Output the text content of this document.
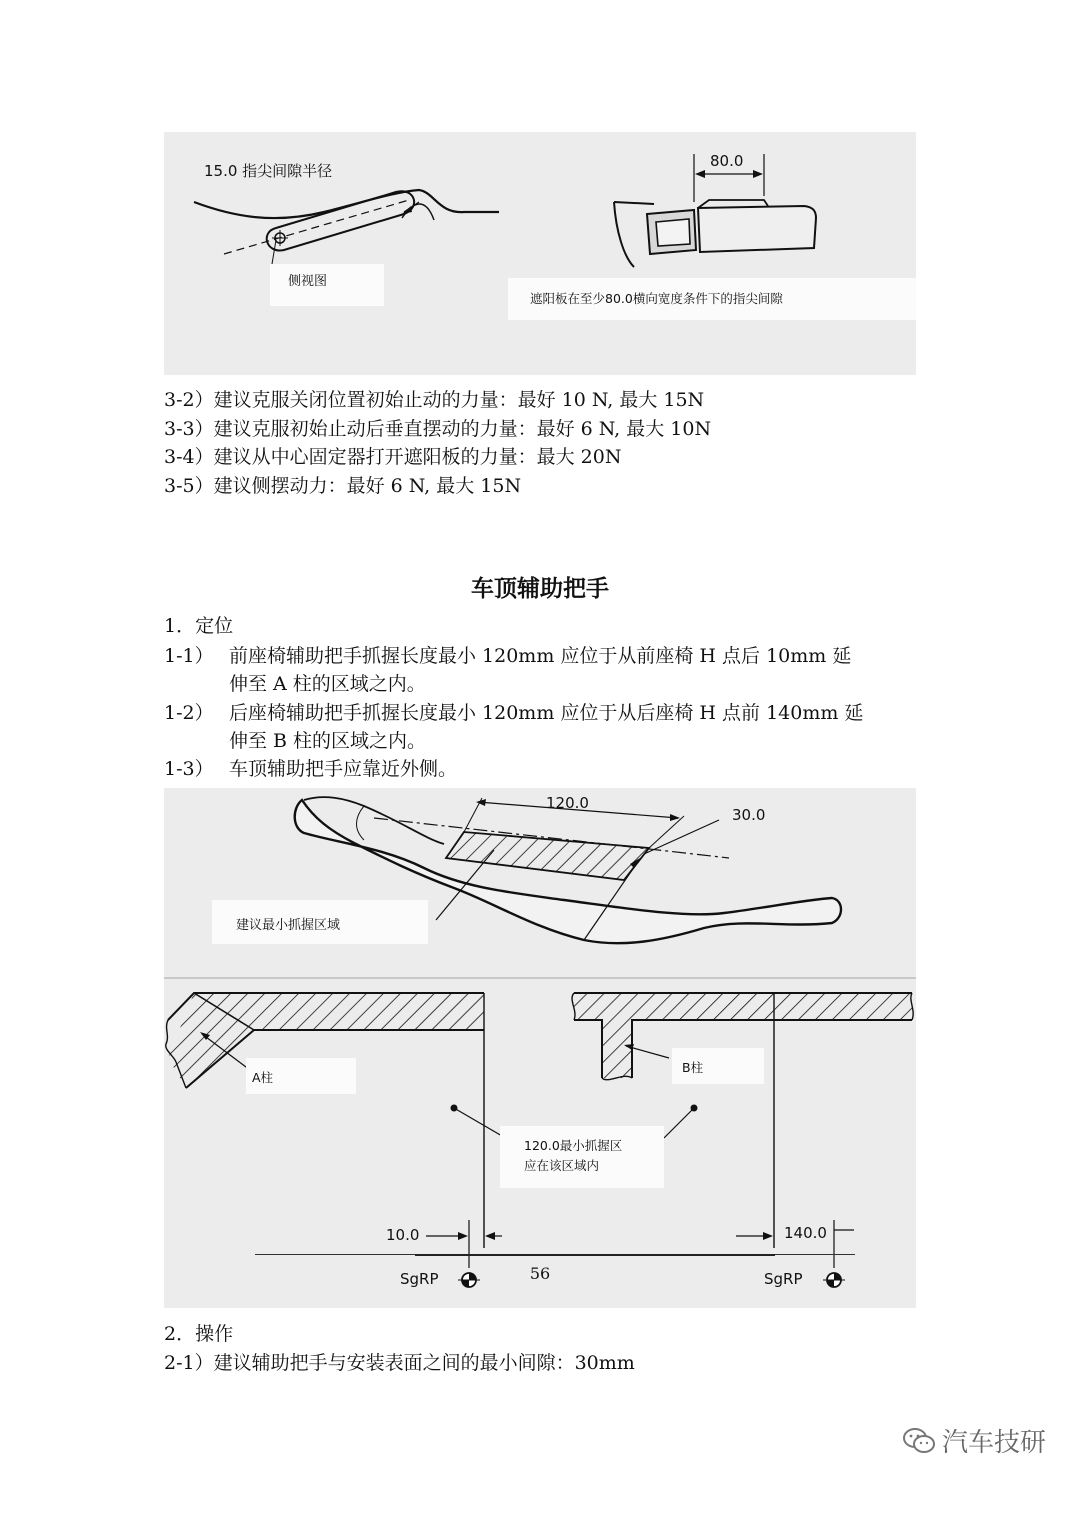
15.0 指尖间隙半径
侧视图
80.0
遮阳板在至少80.0横向宽度条件下的指尖间隙
3-2）建议克服关闭位置初始止动的力量：最好 10 N, 最大 15N
3-3）建议克服初始止动后垂直摆动的力量：最好 6 N, 最大 10N
3-4）建议从中心固定器打开遮阳板的力量：最大 20N
3-5）建议侧摆动力：最好 6 N, 最大 15N
车顶辅助把手
1．定位
1-1） 前座椅辅助把手抓握长度最小 120mm 应位于从前座椅 H 点后 10mm 延
伸至 A 柱的区域之内。
1-2） 后座椅辅助把手抓握长度最小 120mm 应位于从后座椅 H 点前 140mm 延
伸至 B 柱的区域之内。
1-3） 车顶辅助把手应靠近外侧。
120.0
30.0
建议最小抓握区域
A柱
B柱
120.0最小抓握区
应在该区域内
10.0	140.0
SgRP	SgRP
2．操作
2-1）建议辅助把手与安装表面之间的最小间隙：30mm
56
汽车技研
